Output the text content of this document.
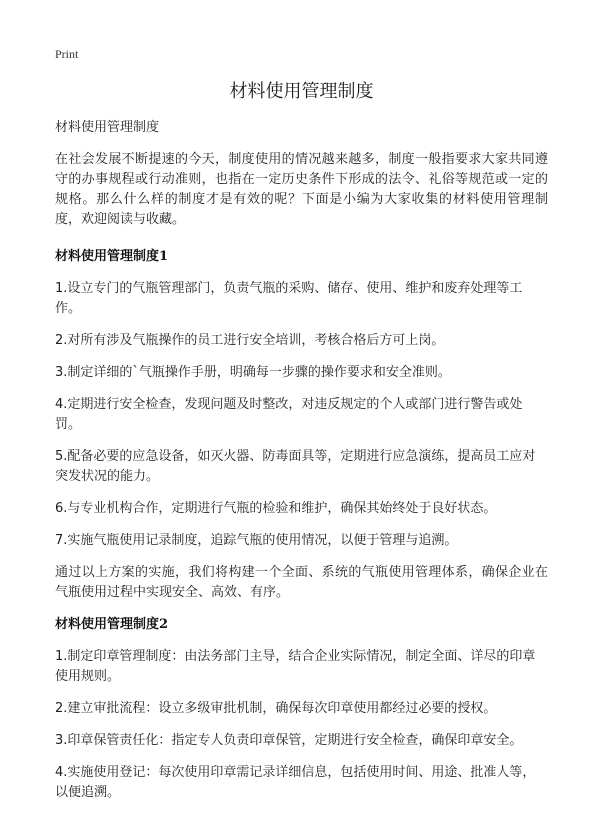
Print
材料使用管理制度
材料使用管理制度
在社会发展不断提速的今天，制度使用的情况越来越多，制度一般指要求大家共同遵守的办事规程或行动准则，也指在一定历史条件下形成的法令、礼俗等规范或一定的规格。那么什么样的制度才是有效的呢？下面是小编为大家收集的材料使用管理制度，欢迎阅读与收藏。
材料使用管理制度1
1.设立专门的气瓶管理部门，负责气瓶的采购、储存、使用、维护和废弃处理等工作。
2.对所有涉及气瓶操作的员工进行安全培训，考核合格后方可上岗。
3.制定详细的`气瓶操作手册，明确每一步骤的操作要求和安全准则。
4.定期进行安全检查，发现问题及时整改，对违反规定的个人或部门进行警告或处罚。
5.配备必要的应急设备，如灭火器、防毒面具等，定期进行应急演练，提高员工应对突发状况的能力。
6.与专业机构合作，定期进行气瓶的检验和维护，确保其始终处于良好状态。
7.实施气瓶使用记录制度，追踪气瓶的使用情况，以便于管理与追溯。
通过以上方案的实施，我们将构建一个全面、系统的气瓶使用管理体系，确保企业在气瓶使用过程中实现安全、高效、有序。
材料使用管理制度2
1.制定印章管理制度：由法务部门主导，结合企业实际情况，制定全面、详尽的印章使用规则。
2.建立审批流程：设立多级审批机制，确保每次印章使用都经过必要的授权。
3.印章保管责任化：指定专人负责印章保管，定期进行安全检查，确保印章安全。
4.实施使用登记：每次使用印章需记录详细信息，包括使用时间、用途、批准人等，以便追溯。
